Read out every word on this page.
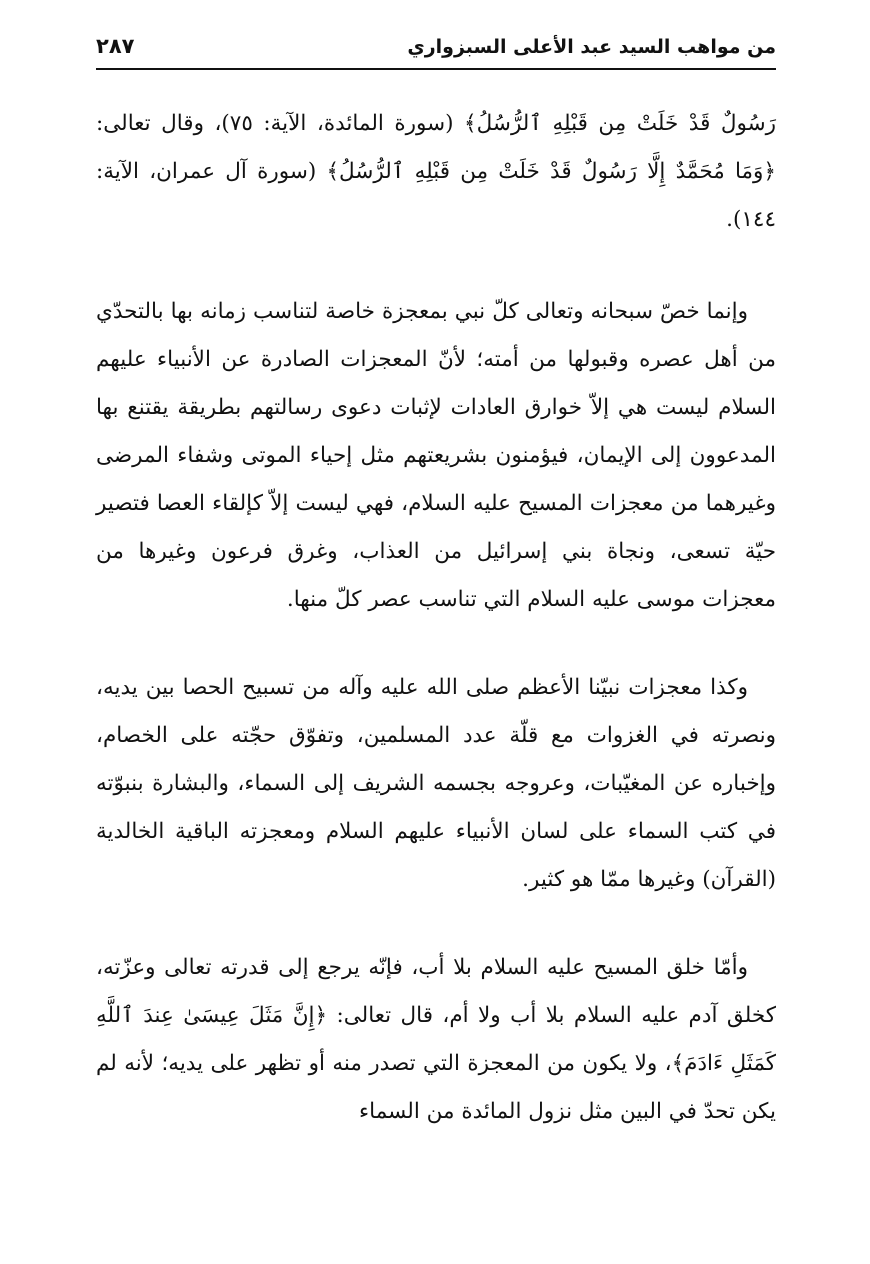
من مواهب السيد عبد الأعلى السبزواري
٢٨٧

رَسُولٌ قَدْ خَلَتْ مِن قَبْلِهِ ٱلرُّسُلُ﴾ (سورة المائدة، الآية: ٧٥)، وقال تعالى: ﴿وَمَا مُحَمَّدٌ إِلَّا رَسُولٌ قَدْ خَلَتْ مِن قَبْلِهِ ٱلرُّسُلُ﴾ (سورة آل عمران، الآية: ١٤٤).

وإنما خصّ سبحانه وتعالى كلّ نبي بمعجزة خاصة لتناسب زمانه بها بالتحدّي من أهل عصره وقبولها من أمته؛ لأنّ المعجزات الصادرة عن الأنبياء عليهم السلام ليست هي إلاّ خوارق العادات لإثبات دعوى رسالتهم بطريقة يقتنع بها المدعوون إلى الإيمان، فيؤمنون بشريعتهم مثل إحياء الموتى وشفاء المرضى وغيرهما من معجزات المسيح عليه السلام، فهي ليست إلاّ كإلقاء العصا فتصير حيّة تسعى، ونجاة بني إسرائيل من العذاب، وغرق فرعون وغيرها من معجزات موسى عليه السلام التي تناسب عصر كلّ منها.

وكذا معجزات نبيّنا الأعظم صلى الله عليه وآله من تسبيح الحصا بين يديه، ونصرته في الغزوات مع قلّة عدد المسلمين، وتفوّق حجّته على الخصام، وإخباره عن المغيّبات، وعروجه بجسمه الشريف إلى السماء، والبشارة بنبوّته في كتب السماء على لسان الأنبياء عليهم السلام ومعجزته الباقية الخالدية (القرآن) وغيرها ممّا هو كثير.

وأمّا خلق المسيح عليه السلام بلا أب، فإنّه يرجع إلى قدرته تعالى وعزّته، كخلق آدم عليه السلام بلا أب ولا أم، قال تعالى: ﴿إِنَّ مَثَلَ عِيسَىٰ عِندَ ٱللَّهِ كَمَثَلِ ءَادَمَ﴾، ولا يكون من المعجزة التي تصدر منه أو تظهر على يديه؛ لأنه لم يكن تحدّ في البين مثل نزول المائدة من السماء
